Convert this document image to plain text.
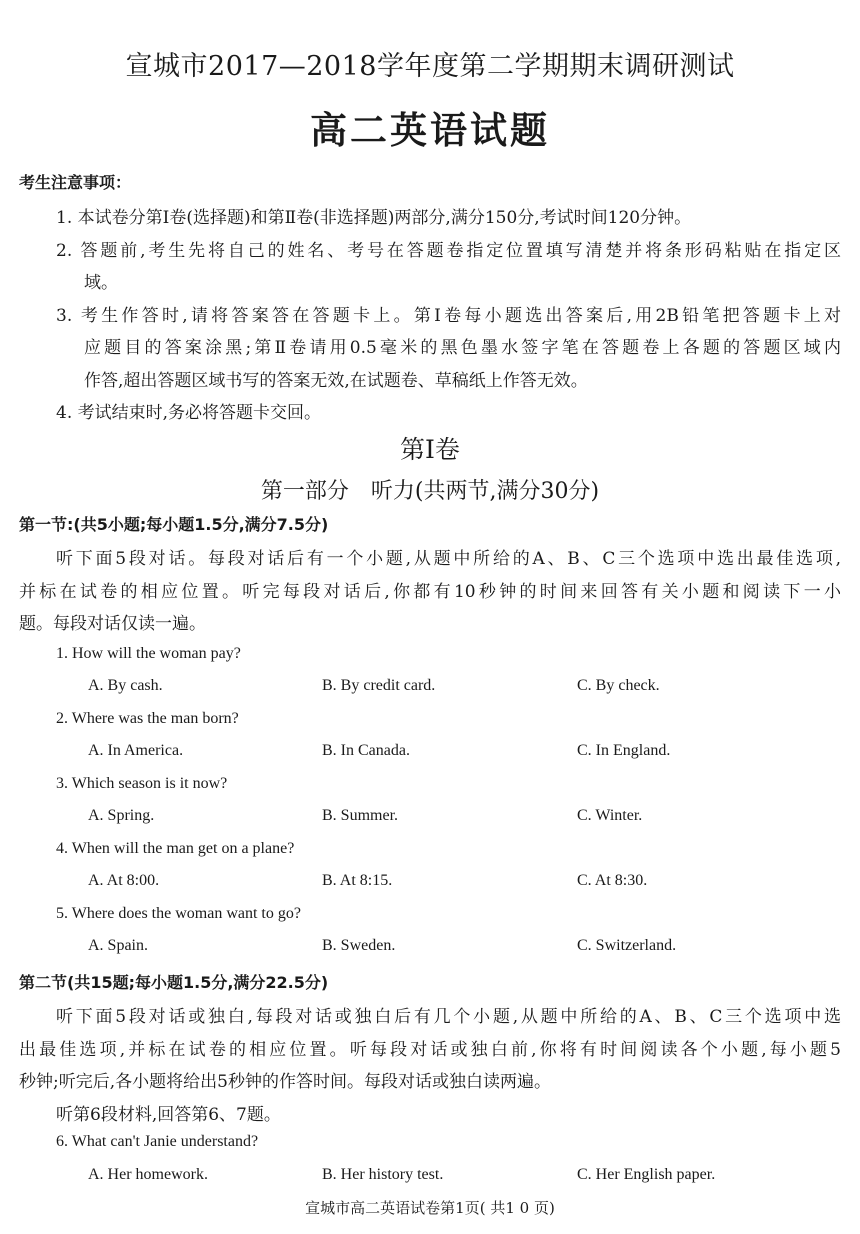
宣城市2017—2018学年度第二学期期末调研测试
高二英语试题
考生注意事项：
1. 本试卷分第Ⅰ卷(选择题)和第Ⅱ卷(非选择题)两部分,满分150分,考试时间120分钟。
2. 答题前,考生先将自己的姓名、考号在答题卷指定位置填写清楚并将条形码粘贴在指定区
域。
3. 考生作答时,请将答案答在答题卡上。第Ⅰ卷每小题选出答案后,用2B铅笔把答题卡上对
应题目的答案涂黑;第Ⅱ卷请用0.5毫米的黑色墨水签字笔在答题卷上各题的答题区域内
作答,超出答题区域书写的答案无效,在试题卷、草稿纸上作答无效。
4. 考试结束时,务必将答题卡交回。
第Ⅰ卷
第一部分　听力(共两节,满分30分)
第一节:(共5小题;每小题1.5分,满分7.5分)
听下面5段对话。每段对话后有一个小题,从题中所给的A、B、C三个选项中选出最佳选项,
并标在试卷的相应位置。听完每段对话后,你都有10秒钟的时间来回答有关小题和阅读下一小
题。每段对话仅读一遍。
1. How will the woman pay?
A. By cash.	B. By credit card.	C. By check.
2. Where was the man born?
A. In America.	B. In Canada.	C. In England.
3. Which season is it now?
A. Spring.	B. Summer.	C. Winter.
4. When will the man get on a plane?
A. At 8:00.	B. At 8:15.	C. At 8:30.
5. Where does the woman want to go?
A. Spain.	B. Sweden.	C. Switzerland.
第二节(共15题;每小题1.5分,满分22.5分)
听下面5段对话或独白,每段对话或独白后有几个小题,从题中所给的A、B、C三个选项中选
出最佳选项,并标在试卷的相应位置。听每段对话或独白前,你将有时间阅读各个小题,每小题5
秒钟;听完后,各小题将给出5秒钟的作答时间。每段对话或独白读两遍。
听第6段材料,回答第6、7题。
6. What can't Janie understand?
A. Her homework.	B. Her history test.	C. Her English paper.
宣城市高二英语试卷第1页( 共1 0 页)
